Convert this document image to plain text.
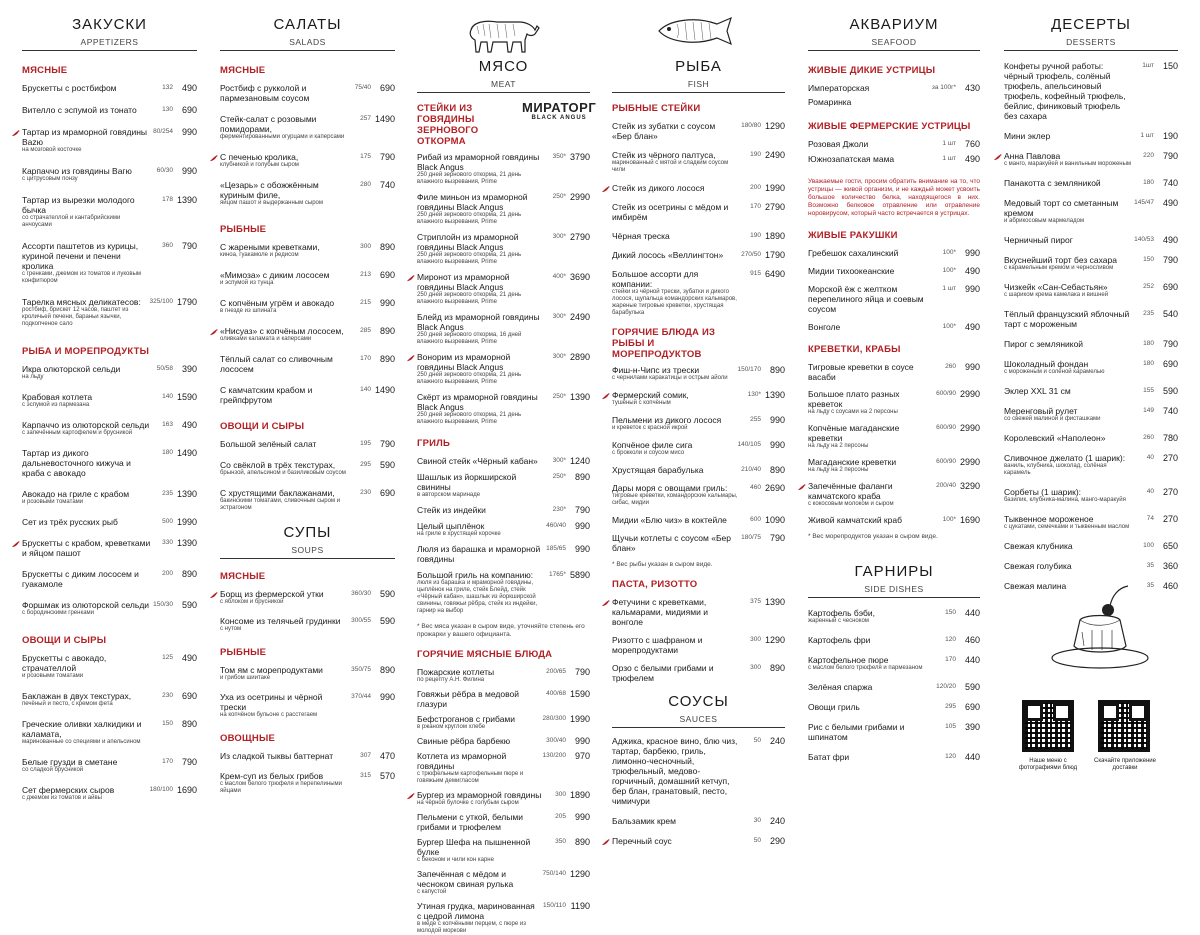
ЗАКУСКИ
APPETIZERS
МЯСНЫЕ
Брускетты с ростбифом	132 490
Вителло с эспумой из тонато	130 690
Тартар из мраморной говядины Ваzю
на мозговой косточке
80/254 990
Карпаччо из говядины Вагю
с цитрусовым понзу
60/30 990
Тартар из вырезки молодого бычка
со страчателлой и кантабрийскими анчоусами
178 1390
Ассорти паштетов из курицы, куриной печени и печени кролика
с гренками, джемом из томатов и луковым конфитюром
360 790
Тарелка мясных деликатесов:
ростбиф, брискет 12 часов, паштет из кроличьей печени, бараньи язычки, подкопченое сало
325/100 1790
РЫБА И МОРЕПРОДУКТЫ
Икра олюторской сельди
на льду
50/58 390
Крабовая котлета
с эспумой из пармезана
140 1590
Карпаччо из олюторской сельди
с запечённым картофелем и брусникой
163 490
Тартар из дикого дальневосточного кижуча и краба с авокадо
180 1490
Авокадо на гриле с крабом
и розовыми томатами
235 1390
Сет из трёх русских рыб	500 1990
Брускетты с крабом, креветками и яйцом пашот
330 1390
Брускетты с диким лососем и гуакамоле
200 890
Форшмак из олюторской сельди
с бородинскими гренками
150/30 590
ОВОЩИ И СЫРЫ
Брускетты с авокадо, страчателлой
и розовыми томатами
125 490
Баклажан в двух текстурах,
печёный и песто, с кремом фета
230 690
Греческие оливки халкидики и каламата,
маринованные со специями и апельсином
150 890
Белые грузди в сметане
со сладкой брусникой
170 790
Сет фермерских сыров
с джемом из томатов и айвы
180/100 1690
САЛАТЫ
SALADS
МЯСНЫЕ
Ростбиф с рукколой и пармезановым соусом
75/40 690
Стейк-салат с розовыми помидорами,
ферментированными огурцами и каперсами
257 1490
С печенью кролика,
клубникой и голубым сыром
175 790
«Цезарь» с обожжённым куриным филе,
яйцом пашот и выдержанным сыром
280 740
РЫБНЫЕ
С жареными креветками,
киноа, гуакамоле и редисом
300 890
«Мимоза» с диким лососем
и эспумой из тунца
213 690
С копчёным угрём и авокадо
в гнезде из шпината
215 990
«Нисуаз» с копчёным лососем,
оливками каламата и каперсами
285 890
Тёплый салат со сливочным лососем
170 890
С камчатским крабом и грейпфрутом
140 1490
ОВОЩИ И СЫРЫ
Большой зелёный салат	195 790
Со свёклой в трёх текстурах,
брынзой, апельсином и базиликовым соусом
295 590
С хрустящими баклажанами,
бакинскими томатами, сливочным сыром и эстрагоном
230 690
СУПЫ
SOUPS
МЯСНЫЕ
Борщ из фермерской утки
с яблоком и брусникой
360/30 590
Консоме из телячьей грудинки
с нутом
300/55 590
РЫБНЫЕ
Том ям с морепродуктами
и грибом шиитаке
350/75 890
Уха из осетрины и чёрной трески
на копчёном бульоне с расстегаем
370/44 990
ОВОЩНЫЕ
Из сладкой тыквы баттернат	307 470
Крем-суп из белых грибов
с маслом белого трюфеля и перепелиными яйцами
315 570
МЯСО
MEAT
СТЕЙКИ ИЗ ГОВЯДИНЫ ЗЕРНОВОГО ОТКОРМА
Рибай из мраморной говядины Black Angus
250 дней зернового откорма, 21 день влажного вызревания, Prime
350* 3790
Филе миньон из мраморной говядины Black Angus
250 дней зернового откорма, 21 день влажного вызревания, Prime
250* 2990
Стриплойн из мраморной говядины Black Angus
250 дней зернового откорма, 21 день влажного вызревания, Prime
300* 2790
Миронот из мраморной говядины Black Angus
250 дней зернового откорма, 21 день влажного вызревания, Prime
400* 3690
Блейд из мраморной говядины Black Angus
250 дней зернового откорма, 16 дней влажного вызревания, Prime
300* 2490
Вонорим из мраморной говядины Black Angus
250 дней зернового откорма, 21 день влажного вызревания, Prime
300* 2890
Скёрт из мраморной говядины Black Angus
250 дней зернового откорма, 21 день влажного вызревания, Prime
250* 1390
ГРИЛЬ
Свиной стейк «Чёрный кабан»	300* 1240
Шашлык из йоркширской свинины
в авторском маринаде
250* 890
Стейк из индейки	230* 790
Целый цыплёнок
на гриле в хрустящей корочке
460/40 990
Люля из барашка и мраморной говядины
185/65 990
Большой гриль на компанию:
люля из барашка и мраморной говядины, цыплёнок на гриле, стейк Блейд, стейк «Чёрный кабан», шашлык из йоркширской свинины, говяжьи рёбра, стейк из индейки, гарнир на выбор
1765* 5890
* Вес мяса указан в сыром виде, уточняйте степень его прожарки у вашего официанта.
ГОРЯЧИЕ МЯСНЫЕ БЛЮДА
Пожарские котлеты
по рецепту А.Н. Филина
200/65 790
Говяжьи рёбра в медовой глазури
400/68 1590
Бефстроганов с грибами
в ржаном круглом хлебе
280/300 1990
Свиные рёбра барбекю	300/40 990
Котлета из мраморной говядины
с трюфельным картофельным пюре и говяжьим демигласом
130/200 970
Бургер из мраморной говядины
на чёрной булочке с голубым сыром
300 1890
Пельмени с уткой, белыми грибами и трюфелем
205 990
Бургер Шефа на пышненной булке
с беконом и чили кон карне
350 890
Запечённая с мёдом и чесноком свиная рулька
с капустой
750/140 1290
Утиная грудка, маринованная с цедрой лимона
в мёде с копчёными перцем, с пюре из молодой моркови
150/110 1190
РЫБА
FISH
РЫБНЫЕ СТЕЙКИ
Стейк из зубатки с соусом «Бер блан»
180/80 1290
Стейк из чёрного палтуса,
маринованный с мятой и сладким соусом чили
190 2490
Стейк из дикого лосося	200 1990
Стейк из осетрины с мёдом и имбирём
170 2790
Чёрная треска	190 1890
Дикий лосось «Веллингтон»	270/50 1790
Большое ассорти для компании:
стейки из чёрной трески, зубатки и дикого лосося, щупальца командорских кальмаров, жареные тигровые креветки, хрустящая барабулька
915 6490
ГОРЯЧИЕ БЛЮДА ИЗ РЫБЫ И МОРЕПРОДУКТОВ
Фиш-н-Чипс из трески
с чернилами каракатицы и острым айоли
150/170 890
Фермерский сомик,
тушёный с копчёным
130* 1390
Пельмени из дикого лосося
и креветок с красной икрой
255 990
Копчёное филе сига
с брокколи и соусом мисо
140/105 990
Хрустящая барабулька	210/40 890
Дары моря с овощами гриль:
тигровые креветки, командорские кальмары, сибас, мидии
460 2690
Мидии «Блю чиз» в коктейле	600 1090
Щучьи котлеты с соусом «Бер блан»
180/75 790
* Вес рыбы указан в сыром виде.
ПАСТА, РИЗОТТО
Фетучини с креветками, кальмарами, мидиями и вонголе
375 1390
Ризотто с шафраном и морепродуктами
300 1290
Орзо с белыми грибами и трюфелем
300 890
СОУСЫ
SAUCES
Аджика, красное вино, блю чиз, тартар, барбекю, гриль, лимонно-чесночный, трюфельный, медово-горчичный, домашний кетчуп, бер блан, гранатовый, песто, чимичури
50 240
Бальзамик крем	30 240
Перечный соус	50 290
АКВАРИУМ
SEAFOOD
ЖИВЫЕ ДИКИЕ УСТРИЦЫ
Императорская	за 100г* 430
Ромаринка
ЖИВЫЕ ФЕРМЕРСКИЕ УСТРИЦЫ
Розовая Джоли	1 шт 760
Южнозапатская мама	1 шт 490
Уважаемые гости, просим обратить внимание на то, что устрицы — живой организм, и не каждый может усвоить большое количество белка, находящегося в них. Возможно белковое отравление или отравление норовирусом, который часто встречается в устрицах.
ЖИВЫЕ РАКУШКИ
Гребешок сахалинский	100* 990
Мидии тихоокеанские	100* 490
Морской ёж с желтком перепелиного яйца и соевым соусом
1 шт 990
Вонголе	100* 490
КРЕВЕТКИ, КРАБЫ
Тигровые креветки в соусе васаби
260 990
Большое плато разных креветок
на льду с соусами на 2 персоны
600/90 2990
Копчёные магаданские креветки
на льду на 2 персоны
600/90 2990
Магаданские креветки
на льду на 2 персоны
600/90 2990
Запечённые фаланги камчатского краба
с кокосовым молоком и сыром
200/40 3290
Живой камчатский краб	100* 1690
* Вес морепродуктов указан в сыром виде.
ГАРНИРЫ
SIDE DISHES
Картофель бэби,
жаренный с чесноком
150 440
Картофель фри	120 460
Картофельное пюре
с маслом белого трюфеля и пармезаном
170 440
Зелёная спаржа	120/20 590
Овощи гриль	295 690
Рис с белыми грибами и шпинатом
105 390
Батат фри	120 440
ДЕСЕРТЫ
DESSERTS
Конфеты ручной работы: чёрный трюфель, солёный трюфель, апельсиновый трюфель, кофейный трюфель, бейлис, финиковый трюфель без сахара
1шт 150
Мини эклер	1 шт 190
Анна Павлова
с манго, маракуйей и ванильным мороженым
220 790
Панакотта с земляникой	180 740
Медовый торт со сметанным кремом
и абрикосовым мармеладом
145/47 490
Черничный пирог	140/53 490
Вкуснейший торт без сахара
с карамельным кремом и черносливом
150 790
Чизкейк «Сан-Себастьян»
с шариком крема камелака и вишней
252 690
Тёплый французский яблочный тарт с мороженым
235 540
Пирог с земляникой	180 790
Шоколадный фондан
с мороженым и солёной карамелью
180 690
Эклер XXL 31 см	155 590
Меренговый рулет
со свежей малиной и фисташками
149 740
Королевский «Наполеон»	260 780
Сливочное джелато (1 шарик):
ваниль, клубника, шоколад, солёная карамель
40 270
Сорбеты (1 шарик):
базилик, клубника-малина, манго-маракуйя
40 270
Тыквенное мороженое
с цукатами, семечками и тыквенным маслом
74 270
Свежая клубника	100 650
Свежая голубика	35 360
Свежая малина	35 460
МИРАТОРГ
BLACK ANGUS
Наше меню с фотографиями блюд
Скачайте приложение доставки
